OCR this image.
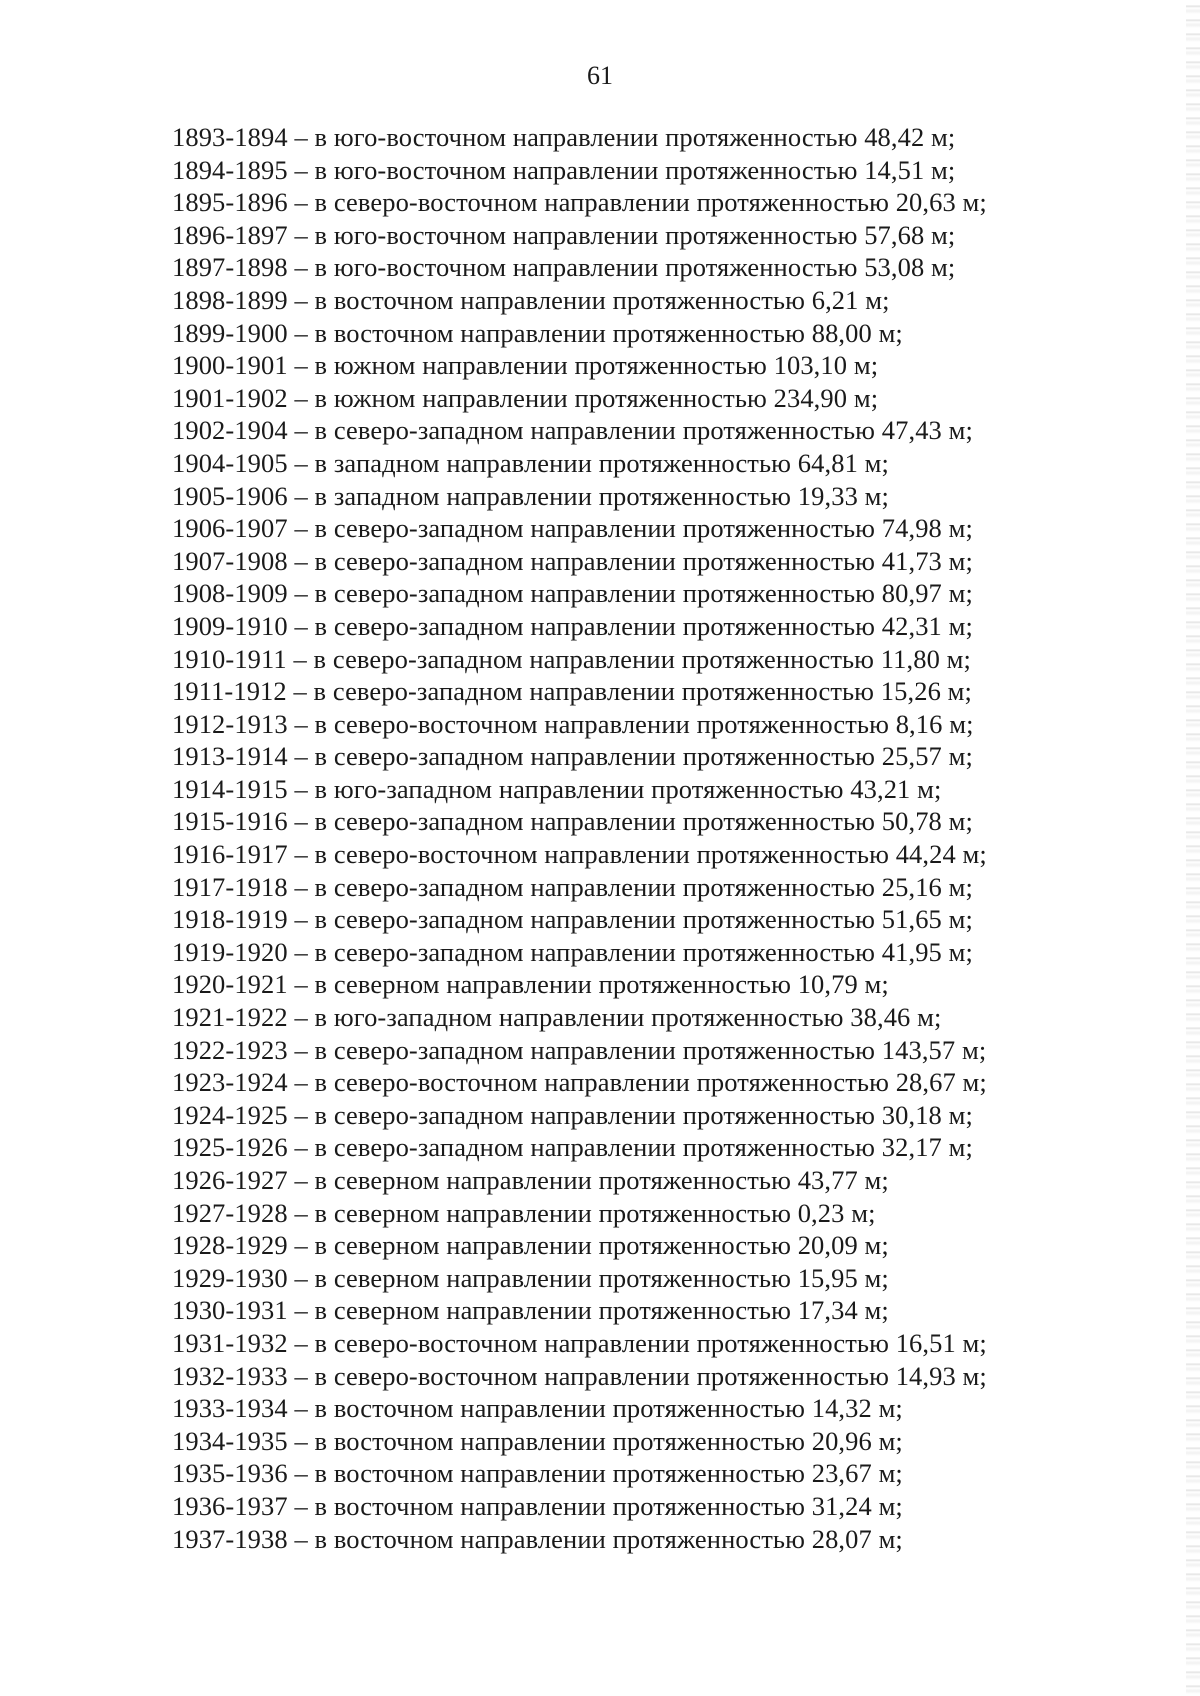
61
1893-1894 – в юго-восточном направлении протяженностью 48,42 м;
1894-1895 – в юго-восточном направлении протяженностью 14,51 м;
1895-1896 – в северо-восточном направлении протяженностью 20,63 м;
1896-1897 – в юго-восточном направлении протяженностью 57,68 м;
1897-1898 – в юго-восточном направлении протяженностью 53,08 м;
1898-1899 – в восточном направлении протяженностью 6,21 м;
1899-1900 – в восточном направлении протяженностью 88,00 м;
1900-1901 – в южном направлении протяженностью 103,10 м;
1901-1902 – в южном направлении протяженностью 234,90 м;
1902-1904 – в северо-западном направлении протяженностью 47,43 м;
1904-1905 – в западном направлении протяженностью 64,81 м;
1905-1906 – в западном направлении протяженностью 19,33 м;
1906-1907 – в северо-западном направлении протяженностью 74,98 м;
1907-1908 – в северо-западном направлении протяженностью 41,73 м;
1908-1909 – в северо-западном направлении протяженностью 80,97 м;
1909-1910 – в северо-западном направлении протяженностью 42,31 м;
1910-1911 – в северо-западном направлении протяженностью 11,80 м;
1911-1912 – в северо-западном направлении протяженностью 15,26 м;
1912-1913 – в северо-восточном направлении протяженностью 8,16 м;
1913-1914 – в северо-западном направлении протяженностью 25,57 м;
1914-1915 – в юго-западном направлении протяженностью 43,21 м;
1915-1916 – в северо-западном направлении протяженностью 50,78 м;
1916-1917 – в северо-восточном направлении протяженностью 44,24 м;
1917-1918 – в северо-западном направлении протяженностью 25,16 м;
1918-1919 – в северо-западном направлении протяженностью 51,65 м;
1919-1920 – в северо-западном направлении протяженностью 41,95 м;
1920-1921 – в северном направлении протяженностью 10,79 м;
1921-1922 – в юго-западном направлении протяженностью 38,46 м;
1922-1923 – в северо-западном направлении протяженностью 143,57 м;
1923-1924 – в северо-восточном направлении протяженностью 28,67 м;
1924-1925 – в северо-западном направлении протяженностью 30,18 м;
1925-1926 – в северо-западном направлении протяженностью 32,17 м;
1926-1927 – в северном направлении протяженностью 43,77 м;
1927-1928 – в северном направлении протяженностью 0,23 м;
1928-1929 – в северном направлении протяженностью 20,09 м;
1929-1930 – в северном направлении протяженностью 15,95 м;
1930-1931 – в северном направлении протяженностью 17,34 м;
1931-1932 – в северо-восточном направлении протяженностью 16,51 м;
1932-1933 – в северо-восточном направлении протяженностью 14,93 м;
1933-1934 – в восточном направлении протяженностью 14,32 м;
1934-1935 – в восточном направлении протяженностью 20,96 м;
1935-1936 – в восточном направлении протяженностью 23,67 м;
1936-1937 – в восточном направлении протяженностью 31,24 м;
1937-1938 – в восточном направлении протяженностью 28,07 м;
